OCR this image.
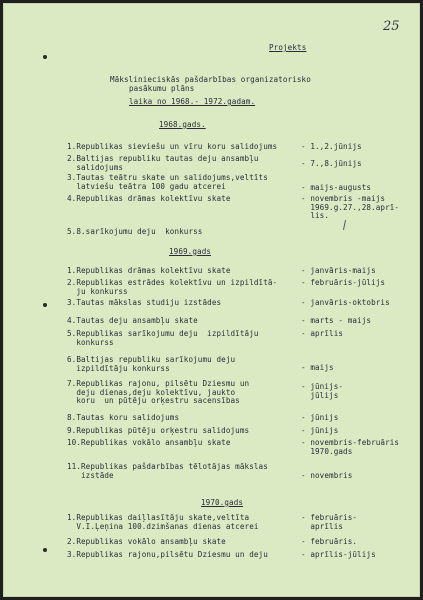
25
Projekts
Mākslinieciskās pašdarbības organizatorisko
pasākumu plāns
laika no 1968.- 1972.gadam.
1968.gads.
1.Republikas sieviešu un vīru koru salidojums	- 1.,2.jūnijs
2.Baltijas republiku tautas deju ansambļu
salidojums	- 7.,8.jūnijs
3.Tautas teātru skate un salidojums,veltīts
latviešu teātra 100 gadu atcerei	- maijs-augusts
4.Republikas drāmas kolektīvu skate	- novembris -maijs
1969.g.27.,28.aprī-
lis.
5.8.sarīkojumu deju  konkurss
1969.gads
1.Republikas drāmas kolektīvu skate	- janvāris-maijs
2.Republikas estrādes kolektīvu un izpildītā-
ju konkurss
- februāris-jūlijs
3.Tautas mākslas studiju izstādes	- janvāris-oktobris
4.Tautas deju ansambļu skate	- marts - maijs
5.Republikas sarīkojumu deju  izpildītāju
konkurss
- aprīlis
6.Baltijas republiku sarīkojumu deju
izpildītāju konkurss	- maijs
7.Republikas rajonu, pilsētu Dziesmu un
deju dienas,deju kolektīvu, jaukto
koru  un pūtēju orķestru sacensības
- jūnijs-
jūlijs
8.Tautas koru salidojums	- jūnijs
9.Republikas pūtēju orķestru salidojums	- jūnijs
10.Republikas vokālo ansambļu skate	- novembris-februāris
1970.gads
11.Republikas pašdarbības tēlotājas mākslas
izstāde	- novembris
1970.gads
1.Republikas daiļlasītāju skate,veltīta
V.I.Ļeņina 100.dzimšanas dienas atcerei
- februāris-
aprīlis
2.Republikas vokālo ansambļu skate	- februāris.
3.Republikas rajonu,pilsētu Dziesmu un deju	- aprīlis-jūlijs
